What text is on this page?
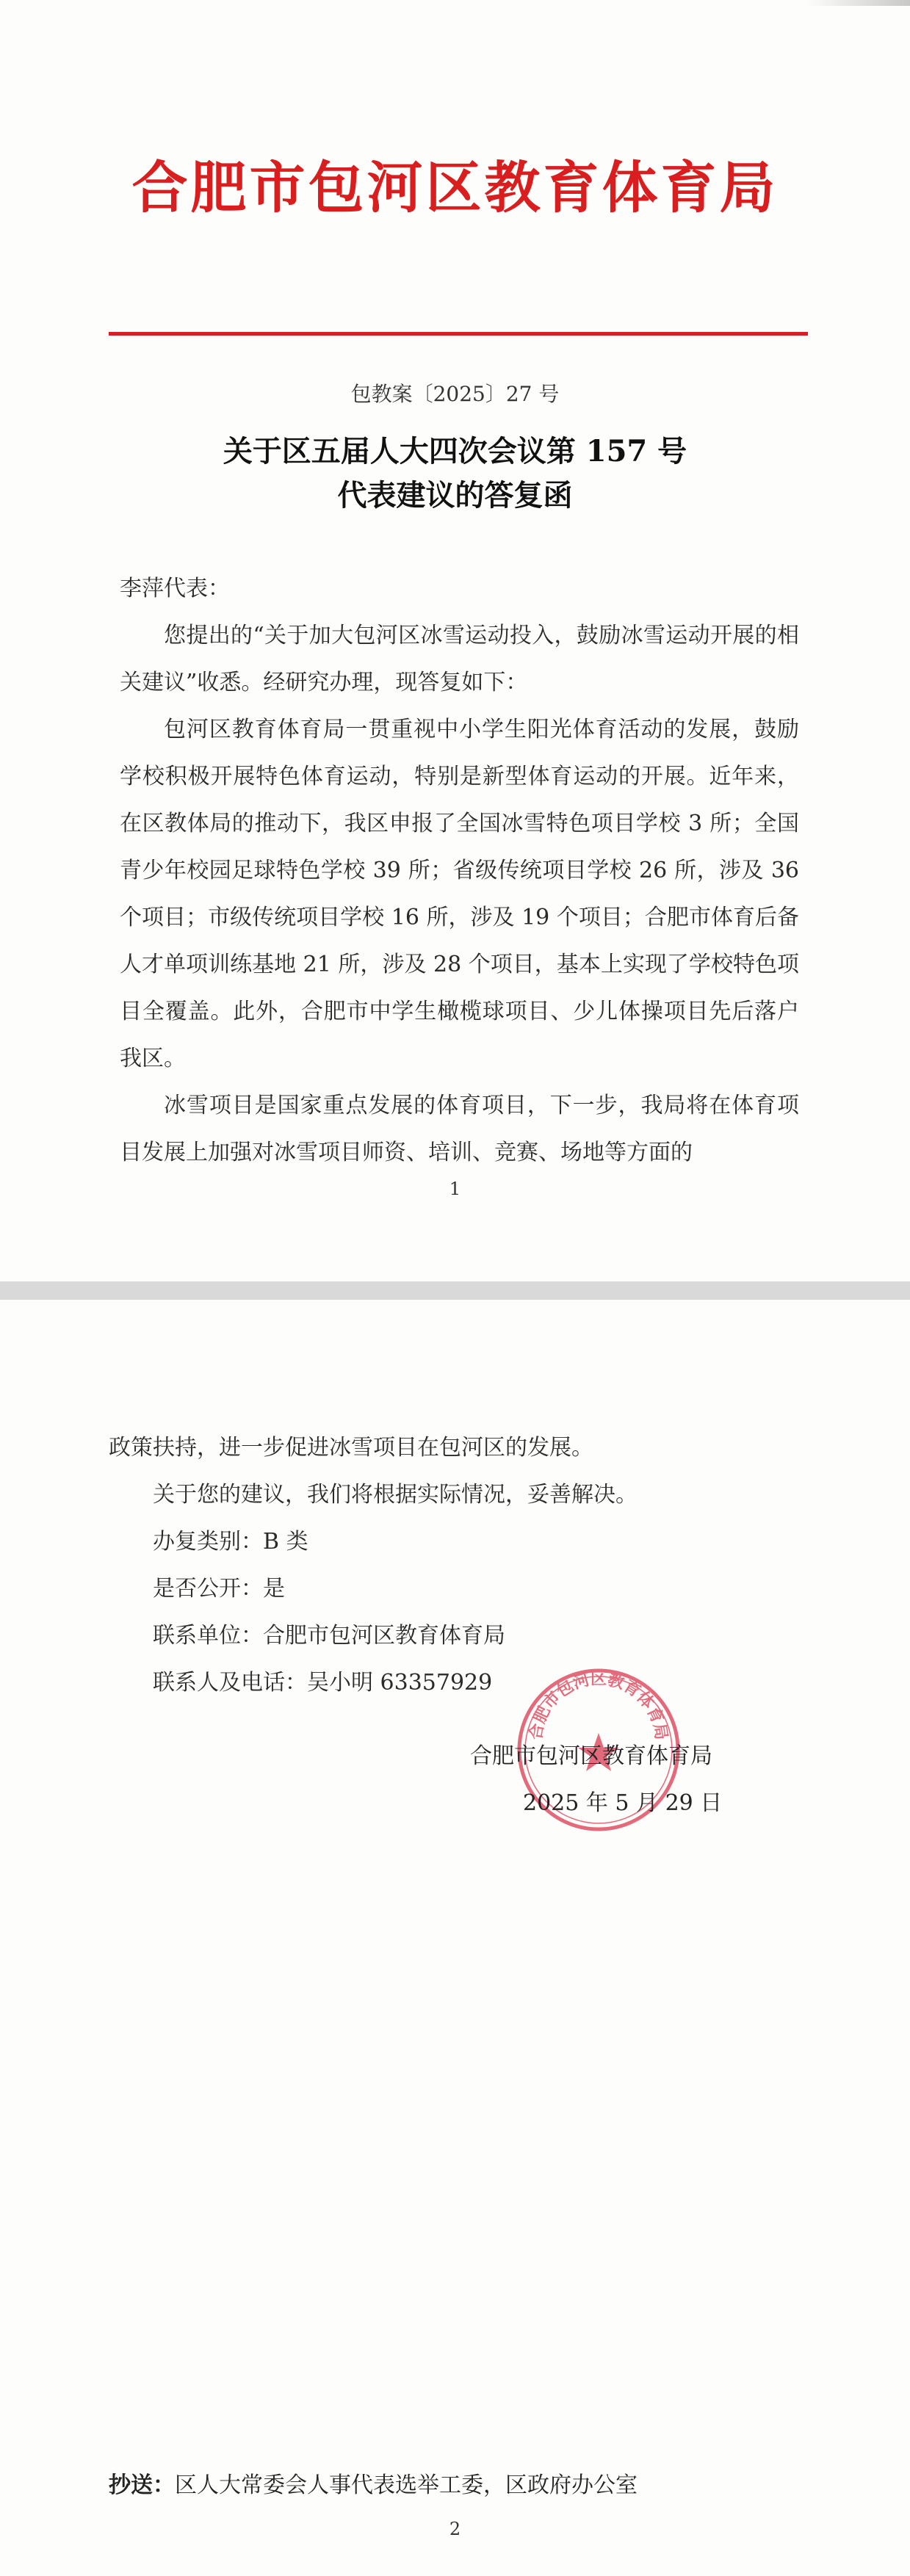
合肥市包河区教育体育局
包教案〔2025〕27 号
关于区五届人大四次会议第 157 号
代表建议的答复函

李萍代表：

您提出的“关于加大包河区冰雪运动投入，鼓励冰雪运动开展的相关建议”收悉。经研究办理，现答复如下：

包河区教育体育局一贯重视中小学生阳光体育活动的发展，鼓励学校积极开展特色体育运动，特别是新型体育运动的开展。近年来，在区教体局的推动下，我区申报了全国冰雪特色项目学校 3 所；全国青少年校园足球特色学校 39 所；省级传统项目学校 26 所，涉及 36 个项目；市级传统项目学校 16 所，涉及 19 个项目；合肥市体育后备人才单项训练基地 21 所，涉及 28 个项目，基本上实现了学校特色项目全覆盖。此外，合肥市中学生橄榄球项目、少儿体操项目先后落户我区。

冰雪项目是国家重点发展的体育项目，下一步，我局将在体育项目发展上加强对冰雪项目师资、培训、竞赛、场地等方面的

1

政策扶持，进一步促进冰雪项目在包河区的发展。

关于您的建议，我们将根据实际情况，妥善解决。

办复类别：B 类

是否公开：是

联系单位：合肥市包河区教育体育局

联系人及电话：吴小明 63357929

合肥市包河区教育体育局

合肥市包河区教育体育局

2025 年 5 月 29 日

抄送：区人大常委会人事代表选举工委，区政府办公室
2
